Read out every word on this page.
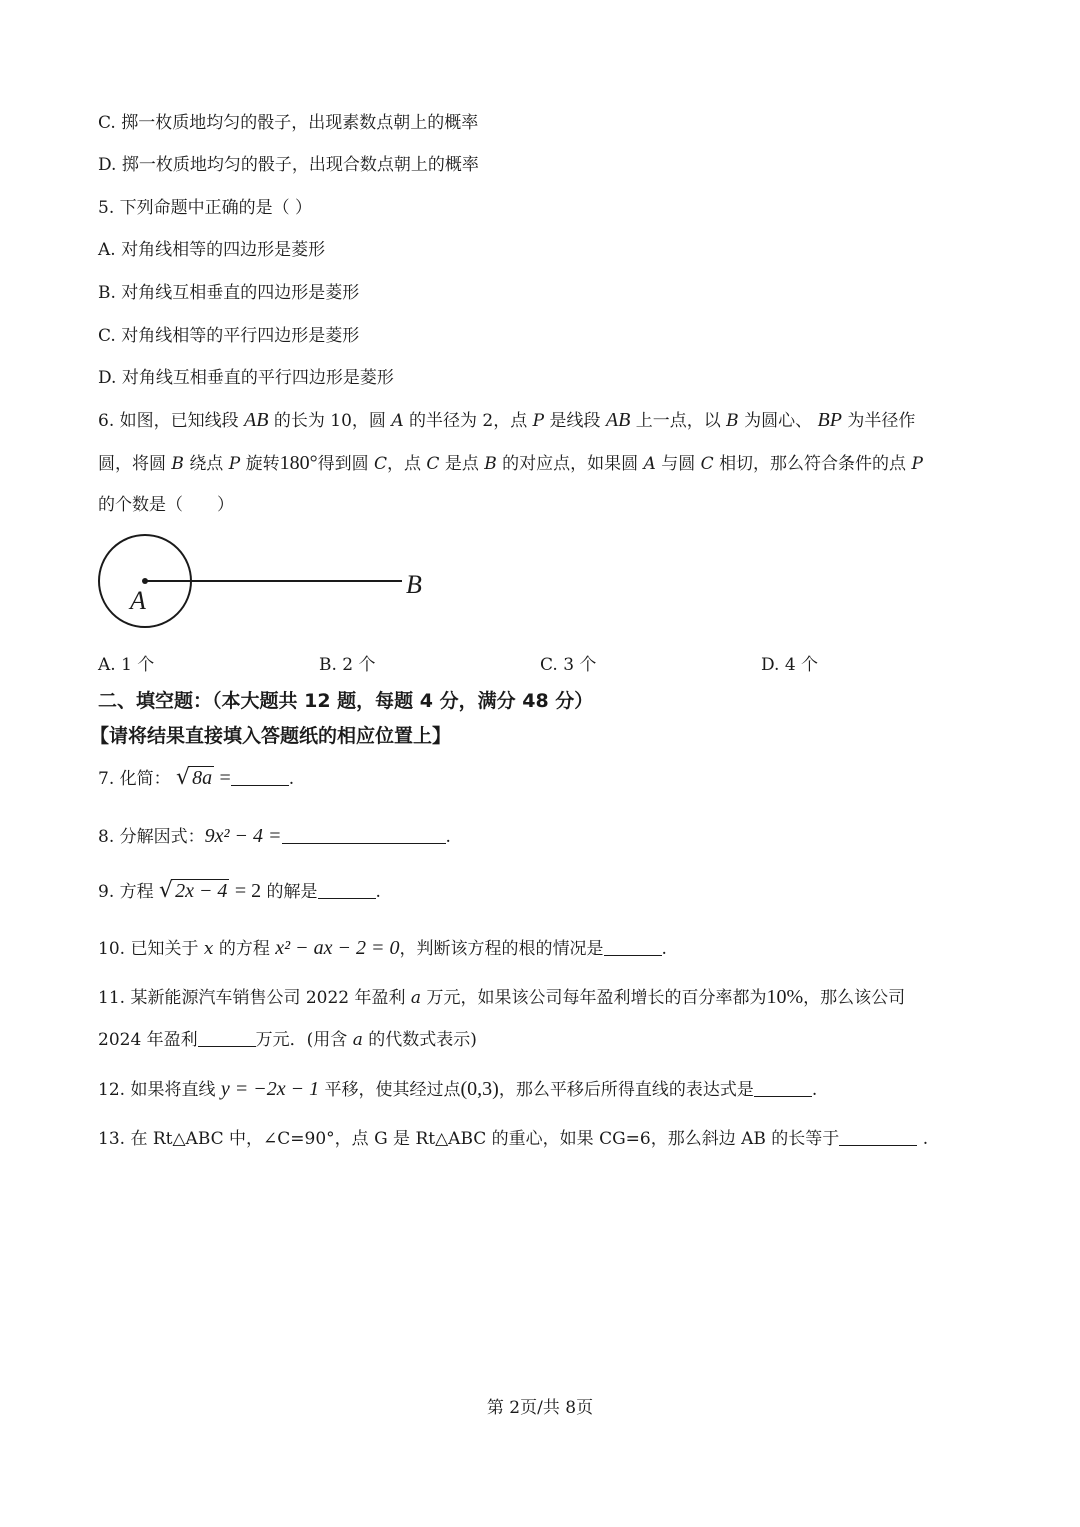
C. 掷一枚质地均匀的骰子，出现素数点朝上的概率
D. 掷一枚质地均匀的骰子，出现合数点朝上的概率
5. 下列命题中正确的是（ ）
A. 对角线相等的四边形是菱形
B. 对角线互相垂直的四边形是菱形
C. 对角线相等的平行四边形是菱形
D. 对角线互相垂直的平行四边形是菱形
6. 如图，已知线段 AB 的长为 10，圆 A 的半径为 2，点 P 是线段 AB 上一点，以 B 为圆心、 BP 为半径作
圆，将圆 B 绕点 P 旋转180°得到圆 C，点 C 是点 B 的对应点，如果圆 A 与圆 C 相切，那么符合条件的点 P
的个数是（　　）
A
B
A. 1 个	B. 2 个	C. 3 个	D. 4 个
二、填空题：（本大题共 12 题，每题 4 分，满分 48 分）
【请将结果直接填入答题纸的相应位置上】
7. 化简： √ 8a =	.
8. 分解因式：9x² − 4 =	.
9. 方程 √ 2x − 4 = 2 的解是	.
10. 已知关于 x 的方程 x² − ax − 2 = 0，判断该方程的根的情况是	.
11. 某新能源汽车销售公司 2022 年盈利 a 万元，如果该公司每年盈利增长的百分率都为10%，那么该公司
2024 年盈利	万元．(用含 a 的代数式表示)
12. 如果将直线 y = −2x − 1 平移，使其经过点(0,3)，那么平移后所得直线的表达式是	.
13. 在 Rt△ABC 中，∠C=90°，点 G 是 Rt△ABC 的重心，如果 CG=6，那么斜边 AB 的长等于	.
第 2页/共 8页
